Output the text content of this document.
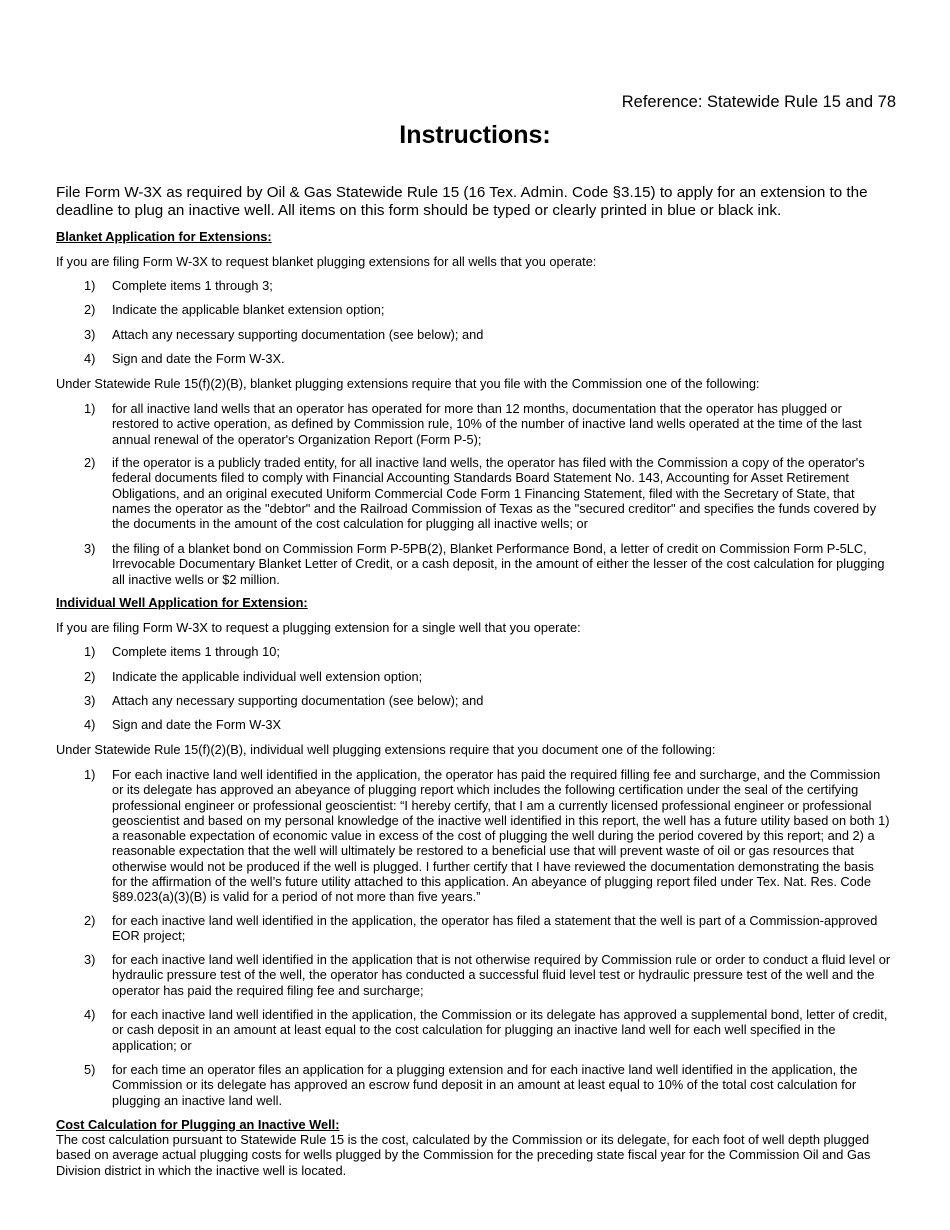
Reference: Statewide Rule 15 and 78
Instructions:
File Form W-3X as required by Oil & Gas Statewide Rule 15 (16 Tex. Admin. Code §3.15) to apply for an extension to the deadline to plug an inactive well. All items on this form should be typed or clearly printed in blue or black ink.
Blanket Application for Extensions:
If you are filing Form W-3X to request blanket plugging extensions for all wells that you operate:
1) Complete items 1 through 3;
2) Indicate the applicable blanket extension option;
3) Attach any necessary supporting documentation (see below); and
4) Sign and date the Form W-3X.
Under Statewide Rule 15(f)(2)(B), blanket plugging extensions require that you file with the Commission one of the following:
1) for all inactive land wells that an operator has operated for more than 12 months, documentation that the operator has plugged or restored to active operation, as defined by Commission rule, 10% of the number of inactive land wells operated at the time of the last annual renewal of the operator's Organization Report (Form P-5);
2) if the operator is a publicly traded entity, for all inactive land wells, the operator has filed with the Commission a copy of the operator's federal documents filed to comply with Financial Accounting Standards Board Statement No. 143, Accounting for Asset Retirement Obligations, and an original executed Uniform Commercial Code Form 1 Financing Statement, filed with the Secretary of State, that names the operator as the "debtor" and the Railroad Commission of Texas as the "secured creditor" and specifies the funds covered by the documents in the amount of the cost calculation for plugging all inactive wells; or
3) the filing of a blanket bond on Commission Form P-5PB(2), Blanket Performance Bond, a letter of credit on Commission Form P-5LC, Irrevocable Documentary Blanket Letter of Credit, or a cash deposit, in the amount of either the lesser of the cost calculation for plugging all inactive wells or $2 million.
Individual Well Application for Extension:
If you are filing Form W-3X to request a plugging extension for a single well that you operate:
1) Complete items 1 through 10;
2) Indicate the applicable individual well extension option;
3) Attach any necessary supporting documentation (see below); and
4) Sign and date the Form W-3X
Under Statewide Rule 15(f)(2)(B), individual well plugging extensions require that you document one of the following:
1) For each inactive land well identified in the application, the operator has paid the required filling fee and surcharge, and the Commission or its delegate has approved an abeyance of plugging report which includes the following certification under the seal of the certifying professional engineer or professional geoscientist: “I hereby certify, that I am a currently licensed professional engineer or professional geoscientist and based on my personal knowledge of the inactive well identified in this report, the well has a future utility based on both 1) a reasonable expectation of economic value in excess of the cost of plugging the well during the period covered by this report; and 2) a reasonable expectation that the well will ultimately be restored to a beneficial use that will prevent waste of oil or gas resources that otherwise would not be produced if the well is plugged. I further certify that I have reviewed the documentation demonstrating the basis for the affirmation of the well’s future utility attached to this application. An abeyance of plugging report filed under Tex. Nat. Res. Code §89.023(a)(3)(B) is valid for a period of not more than five years.”
2) for each inactive land well identified in the application, the operator has filed a statement that the well is part of a Commission-approved EOR project;
3) for each inactive land well identified in the application that is not otherwise required by Commission rule or order to conduct a fluid level or hydraulic pressure test of the well, the operator has conducted a successful fluid level test or hydraulic pressure test of the well and the operator has paid the required filing fee and surcharge;
4) for each inactive land well identified in the application, the Commission or its delegate has approved a supplemental bond, letter of credit, or cash deposit in an amount at least equal to the cost calculation for plugging an inactive land well for each well specified in the application; or
5) for each time an operator files an application for a plugging extension and for each inactive land well identified in the application, the Commission or its delegate has approved an escrow fund deposit in an amount at least equal to 10% of the total cost calculation for plugging an inactive land well.
Cost Calculation for Plugging an Inactive Well:
The cost calculation pursuant to Statewide Rule 15 is the cost, calculated by the Commission or its delegate, for each foot of well depth plugged based on average actual plugging costs for wells plugged by the Commission for the preceding state fiscal year for the Commission Oil and Gas Division district in which the inactive well is located.
